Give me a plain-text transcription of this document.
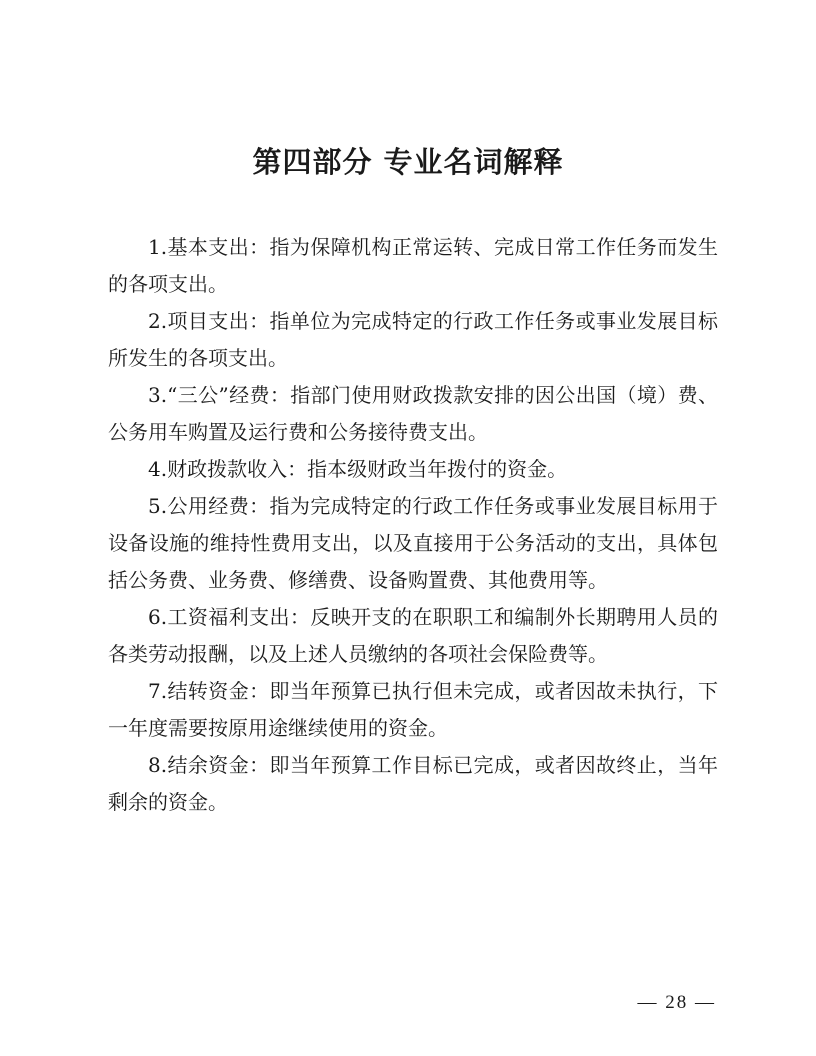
第四部分 专业名词解释

1.基本支出：指为保障机构正常运转、完成日常工作任务而发生的各项支出。

2.项目支出：指单位为完成特定的行政工作任务或事业发展目标所发生的各项支出。

3.“三公”经费：指部门使用财政拨款安排的因公出国（境）费、公务用车购置及运行费和公务接待费支出。

4.财政拨款收入：指本级财政当年拨付的资金。

5.公用经费：指为完成特定的行政工作任务或事业发展目标用于设备设施的维持性费用支出，以及直接用于公务活动的支出，具体包括公务费、业务费、修缮费、设备购置费、其他费用等。

6.工资福利支出：反映开支的在职职工和编制外长期聘用人员的各类劳动报酬，以及上述人员缴纳的各项社会保险费等。

7.结转资金：即当年预算已执行但未完成，或者因故未执行，下一年度需要按原用途继续使用的资金。

8.结余资金：即当年预算工作目标已完成，或者因故终止，当年剩余的资金。

— 28 —
